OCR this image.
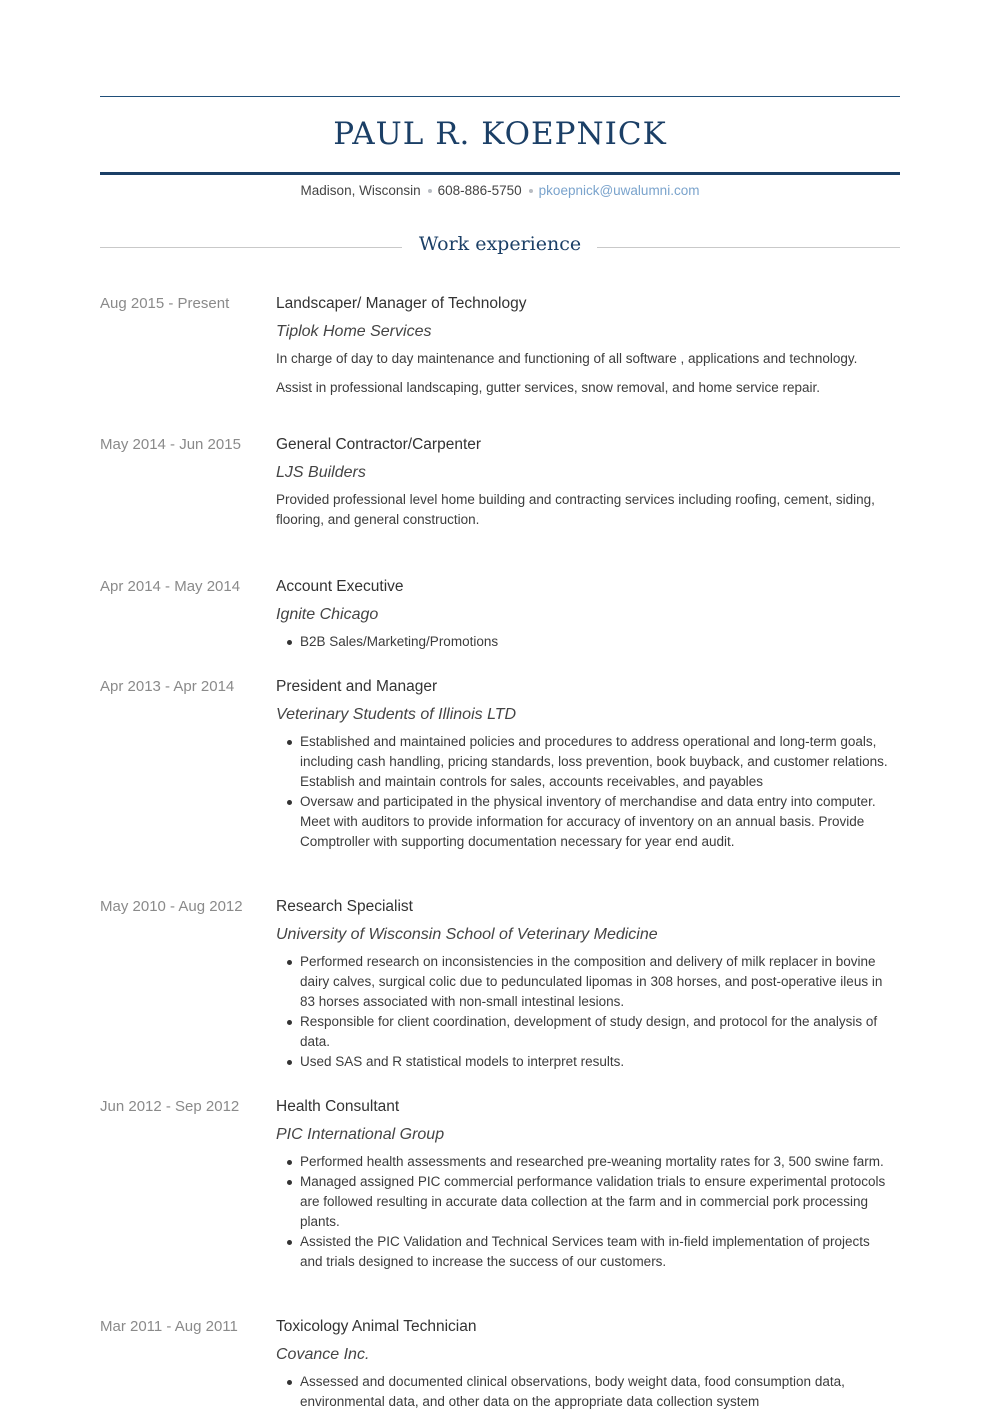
PAUL R. KOEPNICK
Madison, Wisconsin 608-886-5750 pkoepnick@uwalumni.com
Work experience
Aug 2015 - Present	Landscaper/ Manager of Technology
Tiplok Home Services

In charge of day to day maintenance and functioning of all software , applications and technology.

Assist in professional landscaping, gutter services, snow removal, and home service repair.

May 2014 - Jun 2015	General Contractor/Carpenter
LJS Builders

Provided professional level home building and contracting services including roofing, cement, siding, flooring, and general construction.

Apr 2014 - May 2014	Account Executive
Ignite Chicago
B2B Sales/Marketing/Promotions
Apr 2013 - Apr 2014	President and Manager
Veterinary Students of Illinois LTD
Established and maintained policies and procedures to address operational and long-term goals, including cash handling, pricing standards, loss prevention, book buyback, and customer relations. Establish and maintain controls for sales, accounts receivables, and payables
Oversaw and participated in the physical inventory of merchandise and data entry into computer. Meet with auditors to provide information for accuracy of inventory on an annual basis. Provide Comptroller with supporting documentation necessary for year end audit.
May 2010 - Aug 2012	Research Specialist
University of Wisconsin School of Veterinary Medicine
Performed research on inconsistencies in the composition and delivery of milk replacer in bovine dairy calves, surgical colic due to pedunculated lipomas in 308 horses, and post-operative ileus in 83 horses associated with non-small intestinal lesions.
Responsible for client coordination, development of study design, and protocol for the analysis of data.
Used SAS and R statistical models to interpret results.
Jun 2012 - Sep 2012	Health Consultant
PIC International Group
Performed health assessments and researched pre-weaning mortality rates for 3, 500 swine farm.
Managed assigned PIC commercial performance validation trials to ensure experimental protocols are followed resulting in accurate data collection at the farm and in commercial pork processing plants.
Assisted the PIC Validation and Technical Services team with in-field implementation of projects and trials designed to increase the success of our customers.
Mar 2011 - Aug 2011	Toxicology Animal Technician
Covance Inc.
Assessed and documented clinical observations, body weight data, food consumption data, environmental data, and other data on the appropriate data collection system
